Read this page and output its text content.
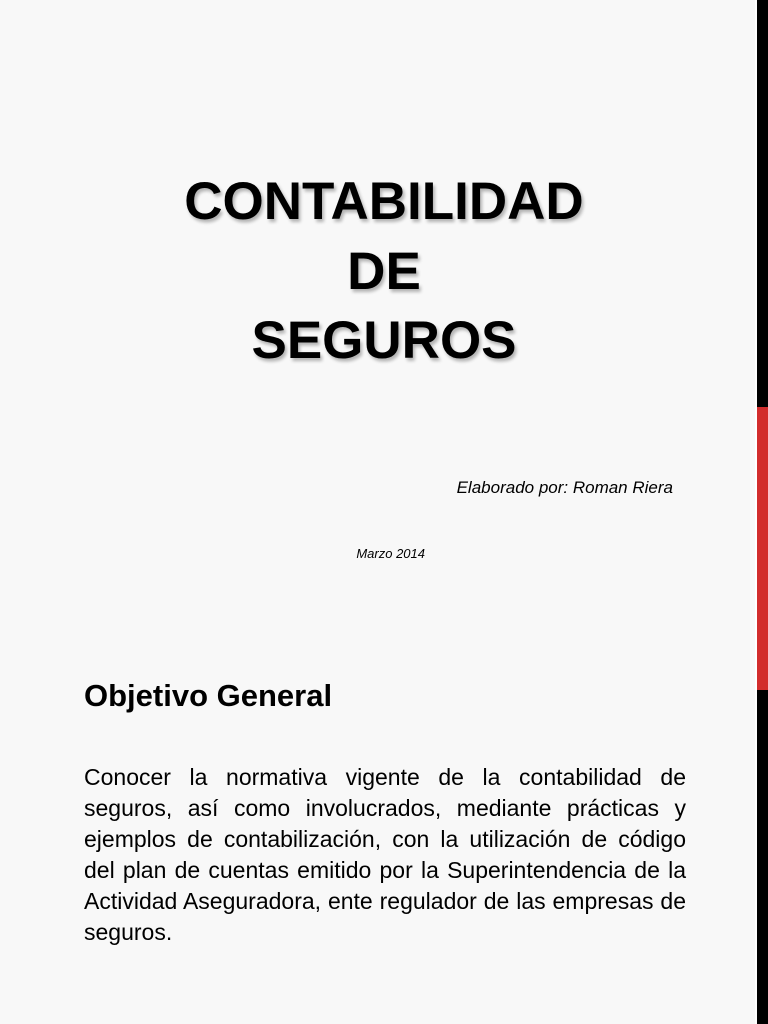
CONTABILIDAD
DE
SEGUROS
Elaborado por: Roman Riera
Marzo 2014
Objetivo General
Conocer la normativa vigente de la contabilidad de seguros, así como involucrados, mediante prácticas y ejemplos de contabilización, con la utilización de código del plan de cuentas emitido por la Superintendencia de la Actividad Aseguradora, ente regulador de las empresas de seguros.
